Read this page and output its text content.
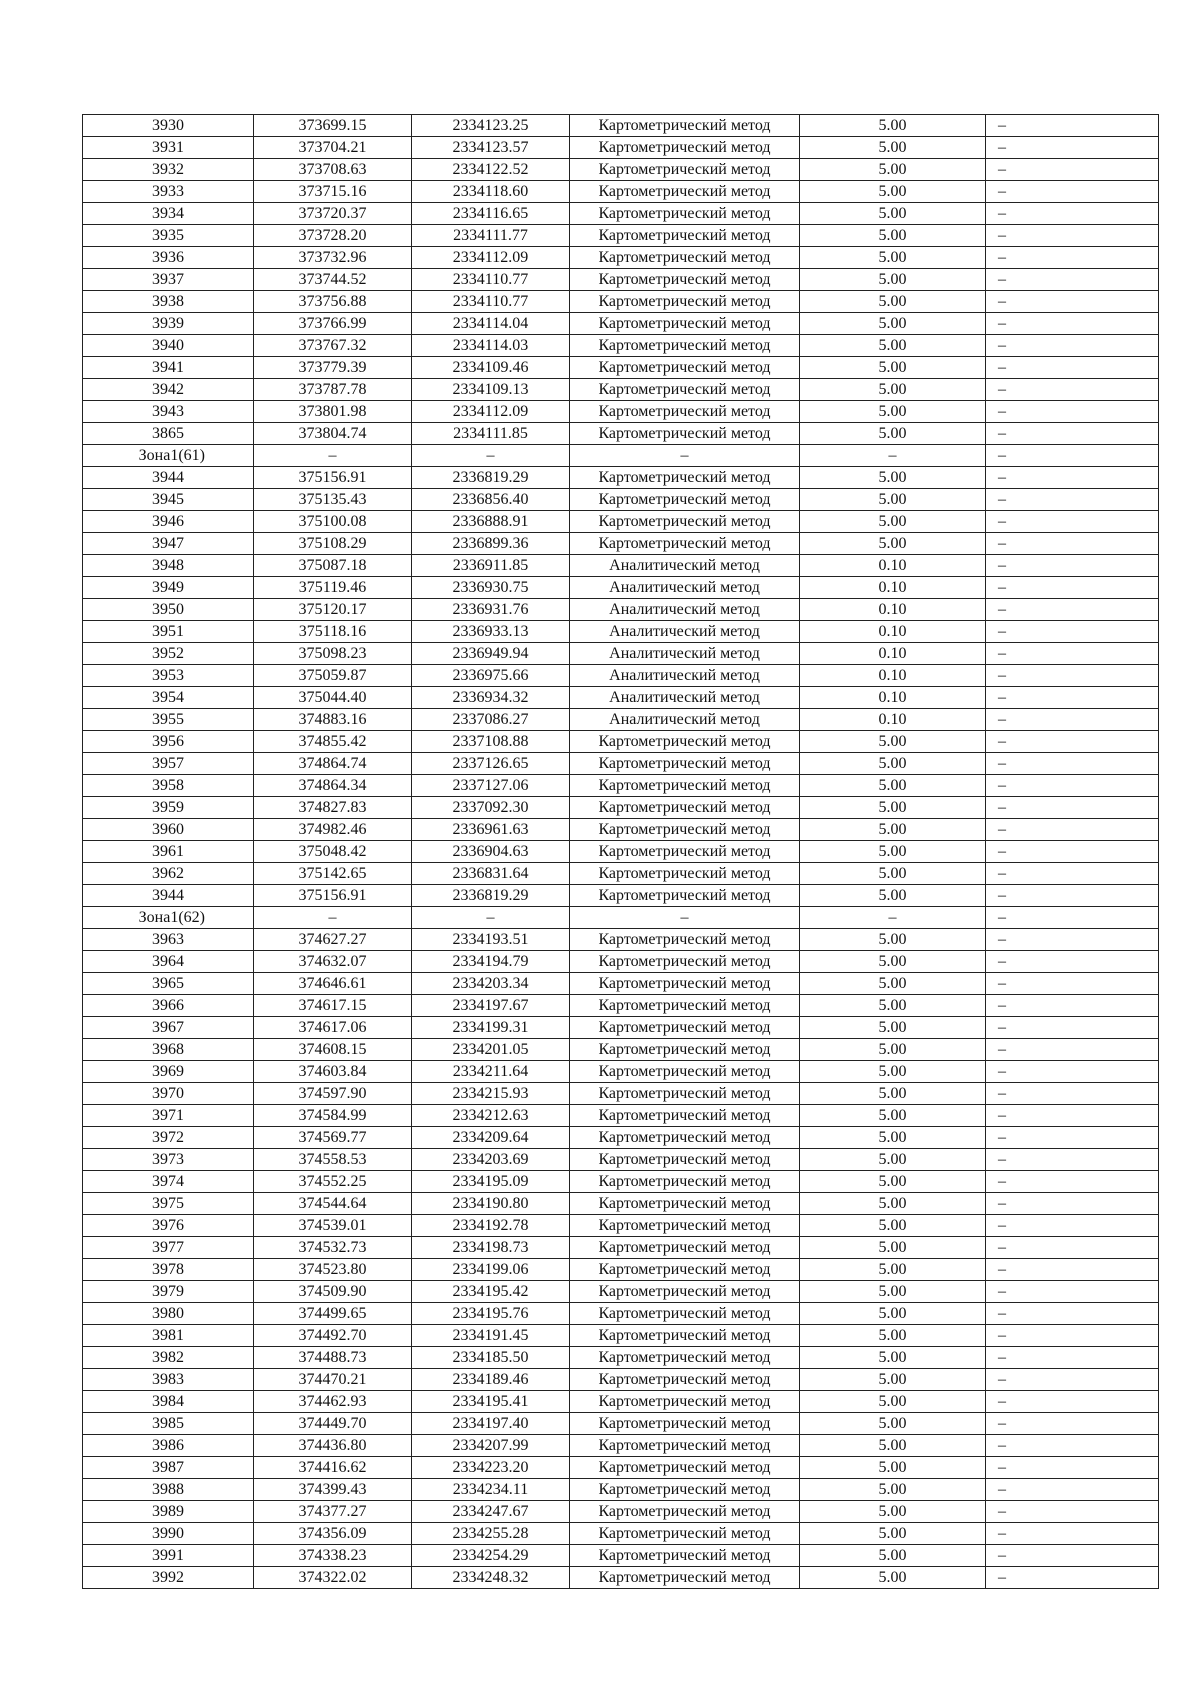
3930	373699.15	2334123.25	Картометрический метод	5.00	–
3931	373704.21	2334123.57	Картометрический метод	5.00	–
3932	373708.63	2334122.52	Картометрический метод	5.00	–
3933	373715.16	2334118.60	Картометрический метод	5.00	–
3934	373720.37	2334116.65	Картометрический метод	5.00	–
3935	373728.20	2334111.77	Картометрический метод	5.00	–
3936	373732.96	2334112.09	Картометрический метод	5.00	–
3937	373744.52	2334110.77	Картометрический метод	5.00	–
3938	373756.88	2334110.77	Картометрический метод	5.00	–
3939	373766.99	2334114.04	Картометрический метод	5.00	–
3940	373767.32	2334114.03	Картометрический метод	5.00	–
3941	373779.39	2334109.46	Картометрический метод	5.00	–
3942	373787.78	2334109.13	Картометрический метод	5.00	–
3943	373801.98	2334112.09	Картометрический метод	5.00	–
3865	373804.74	2334111.85	Картометрический метод	5.00	–
Зона1(61)	–	–	–	–	–
3944	375156.91	2336819.29	Картометрический метод	5.00	–
3945	375135.43	2336856.40	Картометрический метод	5.00	–
3946	375100.08	2336888.91	Картометрический метод	5.00	–
3947	375108.29	2336899.36	Картометрический метод	5.00	–
3948	375087.18	2336911.85	Аналитический метод	0.10	–
3949	375119.46	2336930.75	Аналитический метод	0.10	–
3950	375120.17	2336931.76	Аналитический метод	0.10	–
3951	375118.16	2336933.13	Аналитический метод	0.10	–
3952	375098.23	2336949.94	Аналитический метод	0.10	–
3953	375059.87	2336975.66	Аналитический метод	0.10	–
3954	375044.40	2336934.32	Аналитический метод	0.10	–
3955	374883.16	2337086.27	Аналитический метод	0.10	–
3956	374855.42	2337108.88	Картометрический метод	5.00	–
3957	374864.74	2337126.65	Картометрический метод	5.00	–
3958	374864.34	2337127.06	Картометрический метод	5.00	–
3959	374827.83	2337092.30	Картометрический метод	5.00	–
3960	374982.46	2336961.63	Картометрический метод	5.00	–
3961	375048.42	2336904.63	Картометрический метод	5.00	–
3962	375142.65	2336831.64	Картометрический метод	5.00	–
3944	375156.91	2336819.29	Картометрический метод	5.00	–
Зона1(62)	–	–	–	–	–
3963	374627.27	2334193.51	Картометрический метод	5.00	–
3964	374632.07	2334194.79	Картометрический метод	5.00	–
3965	374646.61	2334203.34	Картометрический метод	5.00	–
3966	374617.15	2334197.67	Картометрический метод	5.00	–
3967	374617.06	2334199.31	Картометрический метод	5.00	–
3968	374608.15	2334201.05	Картометрический метод	5.00	–
3969	374603.84	2334211.64	Картометрический метод	5.00	–
3970	374597.90	2334215.93	Картометрический метод	5.00	–
3971	374584.99	2334212.63	Картометрический метод	5.00	–
3972	374569.77	2334209.64	Картометрический метод	5.00	–
3973	374558.53	2334203.69	Картометрический метод	5.00	–
3974	374552.25	2334195.09	Картометрический метод	5.00	–
3975	374544.64	2334190.80	Картометрический метод	5.00	–
3976	374539.01	2334192.78	Картометрический метод	5.00	–
3977	374532.73	2334198.73	Картометрический метод	5.00	–
3978	374523.80	2334199.06	Картометрический метод	5.00	–
3979	374509.90	2334195.42	Картометрический метод	5.00	–
3980	374499.65	2334195.76	Картометрический метод	5.00	–
3981	374492.70	2334191.45	Картометрический метод	5.00	–
3982	374488.73	2334185.50	Картометрический метод	5.00	–
3983	374470.21	2334189.46	Картометрический метод	5.00	–
3984	374462.93	2334195.41	Картометрический метод	5.00	–
3985	374449.70	2334197.40	Картометрический метод	5.00	–
3986	374436.80	2334207.99	Картометрический метод	5.00	–
3987	374416.62	2334223.20	Картометрический метод	5.00	–
3988	374399.43	2334234.11	Картометрический метод	5.00	–
3989	374377.27	2334247.67	Картометрический метод	5.00	–
3990	374356.09	2334255.28	Картометрический метод	5.00	–
3991	374338.23	2334254.29	Картометрический метод	5.00	–
3992	374322.02	2334248.32	Картометрический метод	5.00	–
